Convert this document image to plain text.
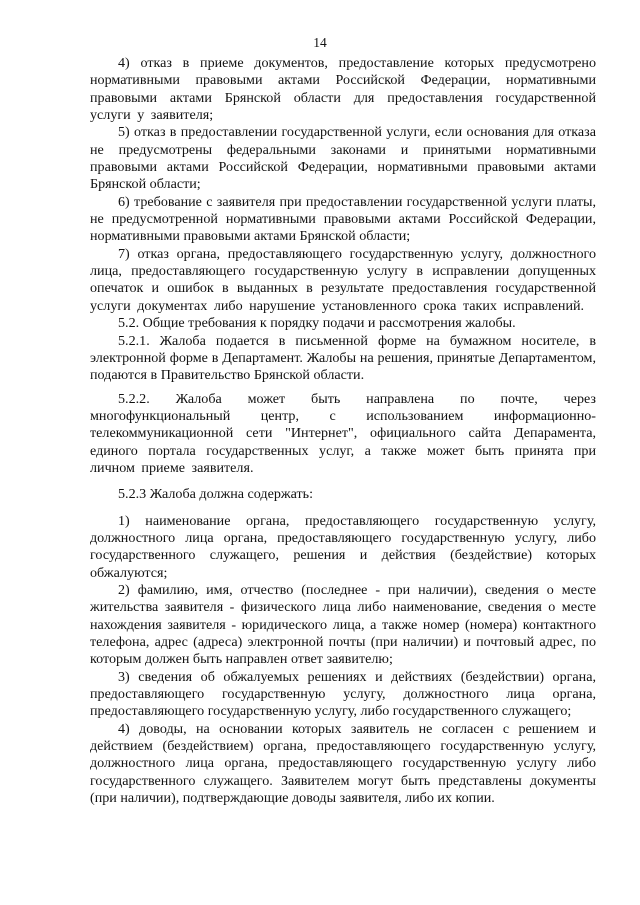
14

4) отказ в приеме документов, предоставление которых предусмотрено нормативными правовыми актами Российской Федерации, нормативными правовыми актами Брянской области для предоставления государственной услуги у заявителя;

5) отказ в предоставлении государственной услуги, если основания для отказа не предусмотрены федеральными законами и принятыми нормативными правовыми актами Российской Федерации, нормативными правовыми актами Брянской области;

6) требование с заявителя при предоставлении государственной услуги платы, не предусмотренной нормативными правовыми актами Российской Федерации, нормативными правовыми актами Брянской области;

7) отказ органа, предоставляющего государственную услугу, должностного лица, предоставляющего государственную услугу в исправлении допущенных опечаток и ошибок в выданных в результате предоставления государственной услуги документах либо нарушение установленного срока таких исправлений.

5.2. Общие требования к порядку подачи и рассмотрения жалобы.

5.2.1. Жалоба подается в письменной форме на бумажном носителе, в электронной форме в Департамент. Жалобы на решения, принятые Департаментом, подаются в Правительство Брянской области.

5.2.2. Жалоба может быть направлена по почте, через многофункциональный центр, с использованием информационно-телекоммуникационной сети "Интернет", официального сайта Депарамента, единого портала государственных услуг, а также может быть принята при личном приеме заявителя.

5.2.3 Жалоба должна содержать:

1) наименование органа, предоставляющего государственную услугу, должностного лица органа, предоставляющего государственную услугу, либо государственного служащего, решения и действия (бездействие) которых обжалуются;

2) фамилию, имя, отчество (последнее - при наличии), сведения о месте жительства заявителя - физического лица либо наименование, сведения о месте нахождения заявителя - юридического лица, а также номер (номера) контактного телефона, адрес (адреса) электронной почты (при наличии) и почтовый адрес, по которым должен быть направлен ответ заявителю;

3) сведения об обжалуемых решениях и действиях (бездействии) органа, предоставляющего государственную услугу, должностного лица органа, предоставляющего государственную услугу, либо государственного служащего;

4) доводы, на основании которых заявитель не согласен с решением и действием (бездействием) органа, предоставляющего государственную услугу, должностного лица органа, предоставляющего государственную услугу либо государственного служащего. Заявителем могут быть представлены документы (при наличии), подтверждающие доводы заявителя, либо их копии.
